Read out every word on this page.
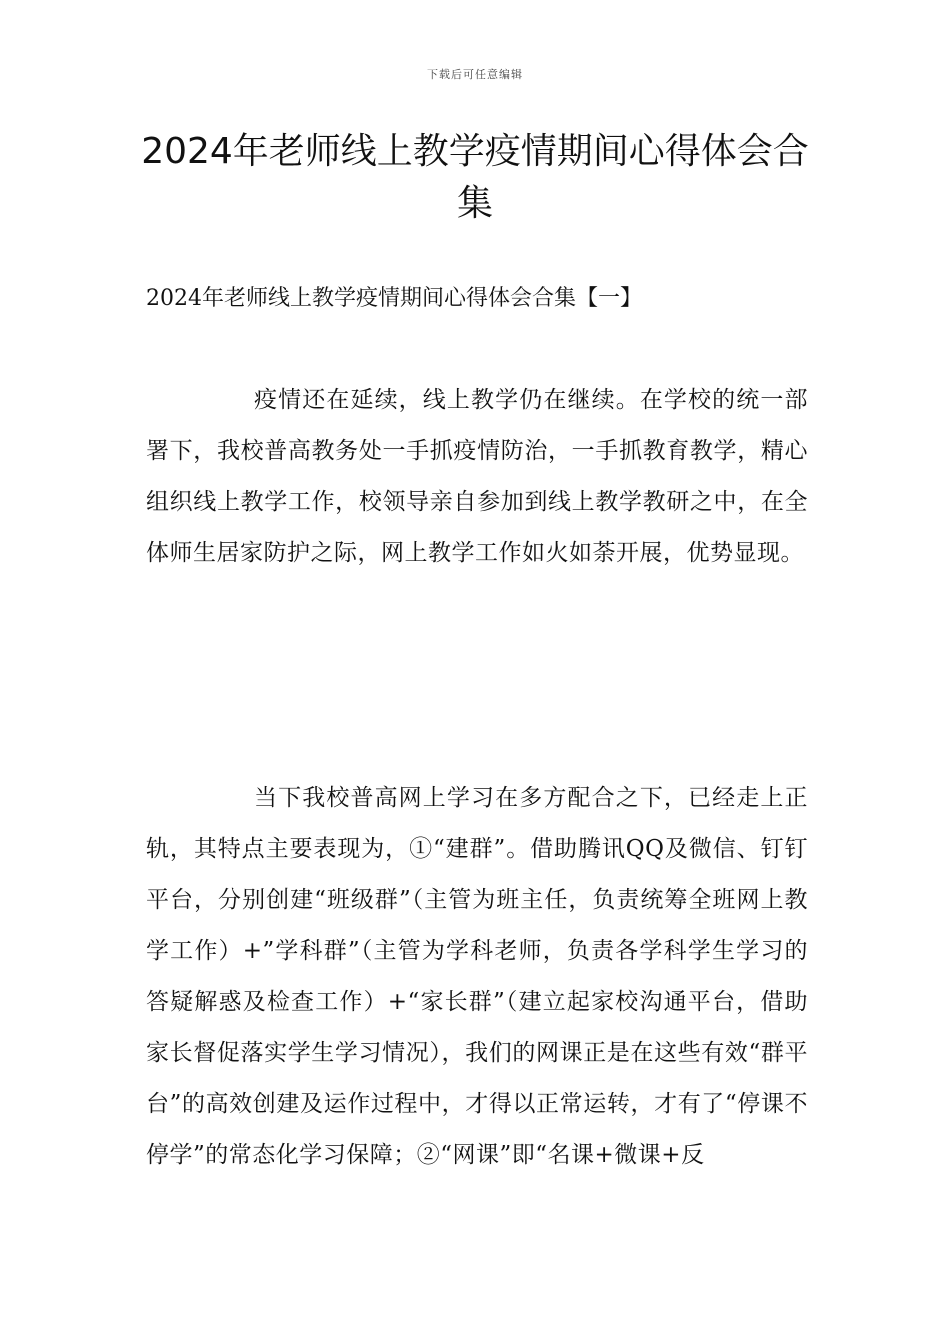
下载后可任意编辑
2024年老师线上教学疫情期间心得体会合集
2024年老师线上教学疫情期间心得体会合集【一】

疫情还在延续，线上教学仍在继续。在学校的统一部署下，我校普高教务处一手抓疫情防治，一手抓教育教学，精心组织线上教学工作，校领导亲自参加到线上教学教研之中，在全体师生居家防护之际，网上教学工作如火如荼开展，优势显现。

当下我校普高网上学习在多方配合之下，已经走上正轨，其特点主要表现为，①“建群”。借助腾讯QQ及微信、钉钉平台，分别创建“班级群”（主管为班主任，负责统筹全班网上教学工作）+”学科群”（主管为学科老师，负责各学科学生学习的答疑解惑及检查工作）+“家长群”（建立起家校沟通平台，借助家长督促落实学生学习情况），我们的网课正是在这些有效“群平台”的高效创建及运作过程中，才得以正常运转，才有了“停课不停学”的常态化学习保障；②“网课”即“名课+微课+反
